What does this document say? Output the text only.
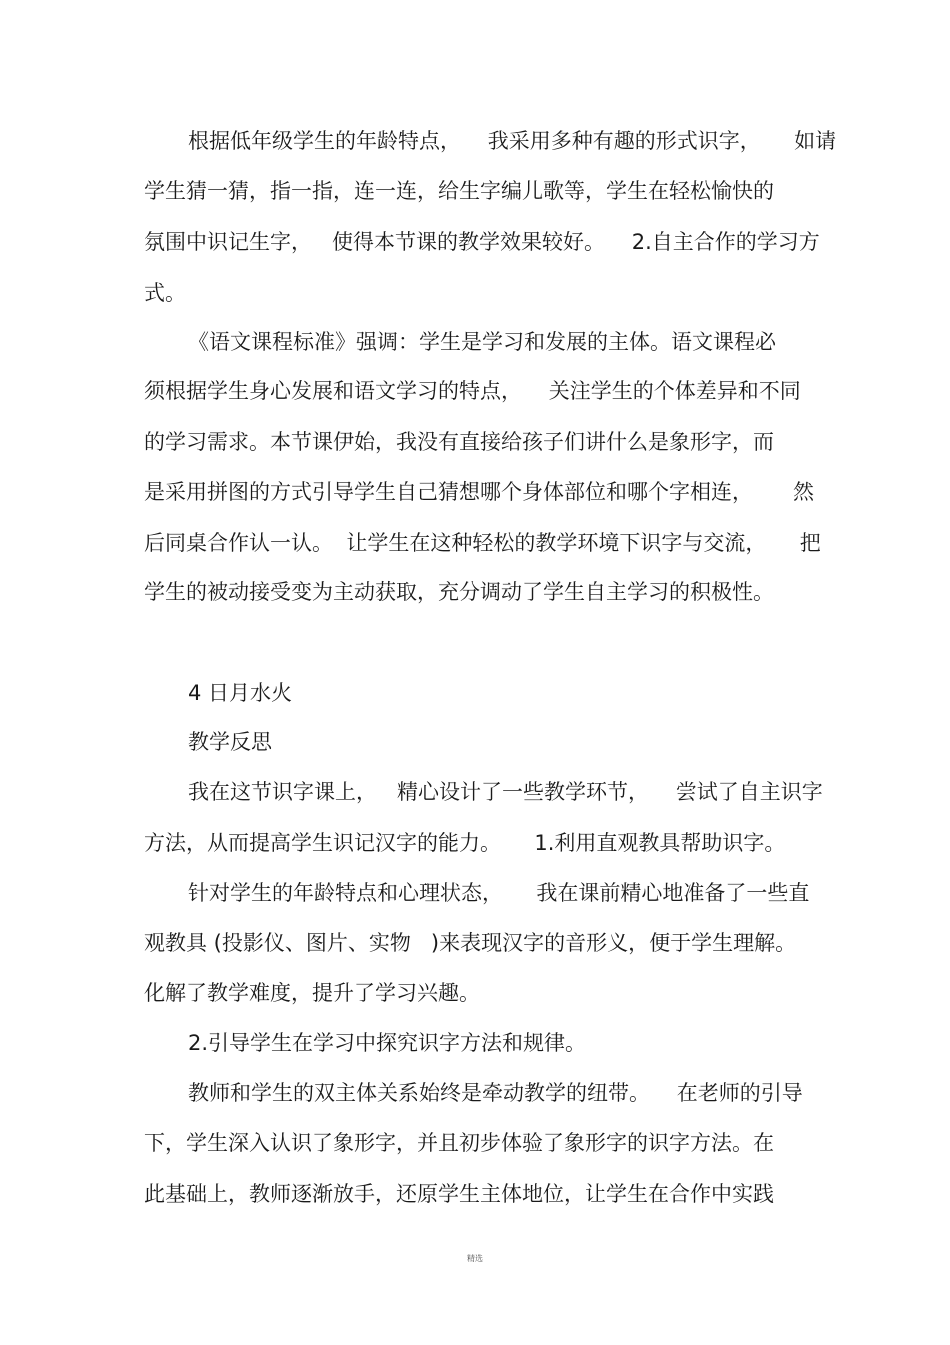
根据低年级学生的年龄特点，    我采用多种有趣的形式识字，     如请

学生猜一猜，指一指，连一连，给生字编儿歌等，学生在轻松愉快的

氛围中识记生字，   使得本节课的教学效果较好。    2.自主合作的学习方

式。

《语文课程标准》强调：学生是学习和发展的主体。语文课程必

须根据学生身心发展和语文学习的特点，    关注学生的个体差异和不同

的学习需求。本节课伊始，我没有直接给孩子们讲什么是象形字，而

是采用拼图的方式引导学生自己猜想哪个身体部位和哪个字相连，      然

后同桌合作认一认。  让学生在这种轻松的教学环境下识字与交流，     把

学生的被动接受变为主动获取，充分调动了学生自主学习的积极性。

4 日月水火

教学反思

我在这节识字课上，   精心设计了一些教学环节，    尝试了自主识字

方法，从而提高学生识记汉字的能力。     1.利用直观教具帮助识字。

针对学生的年龄特点和心理状态，     我在课前精心地准备了一些直

观教具 (投影仪、图片、实物   )来表现汉字的音形义，便于学生理解。

化解了教学难度，提升了学习兴趣。

2.引导学生在学习中探究识字方法和规律。

教师和学生的双主体关系始终是牵动教学的纽带。    在老师的引导

下，学生深入认识了象形字，并且初步体验了象形字的识字方法。在

此基础上，教师逐渐放手，还原学生主体地位，让学生在合作中实践

精选
